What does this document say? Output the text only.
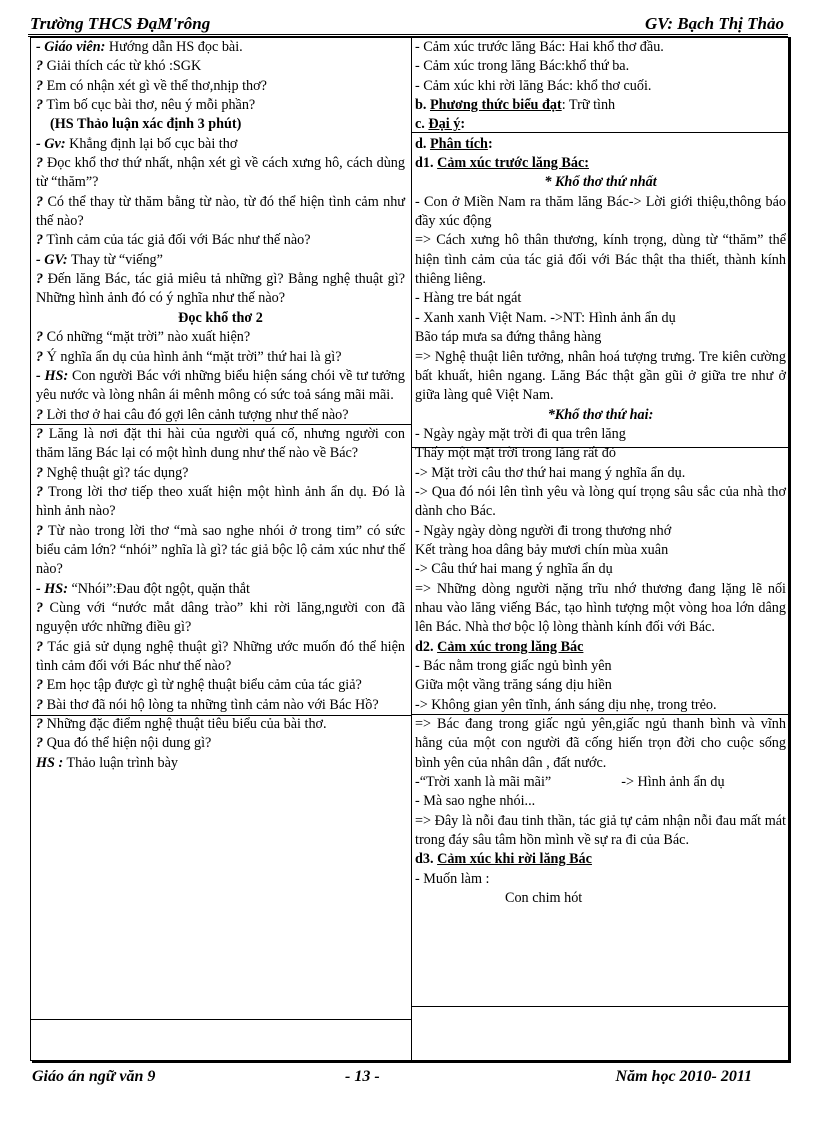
Trường THCS ĐạM'rông	GV: Bạch Thị Thảo

- Giáo viên: Hướng dẫn HS đọc bài.

? Giải thích các từ khó :SGK

? Em có nhận xét gì về thể thơ,nhịp thơ?

? Tìm bố cục bài thơ, nêu ý mỗi phần?

(HS Thảo luận xác định 3 phút)

- Gv: Khẳng định lại bố cục bài thơ

? Đọc khổ thơ thứ nhất, nhận xét gì về cách xưng hô, cách dùng từ “thăm”?

? Có thể thay từ thăm bằng từ nào, từ đó thể hiện tình cảm như thế nào?

? Tình cảm của tác giả đối với Bác như thế nào?

- GV: Thay từ “viếng”

? Đến lăng Bác, tác giả miêu tả những gì? Bằng nghệ thuật gì? Những hình ảnh đó có ý nghĩa như thế nào?

Đọc khổ thơ 2

? Có những “mặt trời” nào xuất hiện?

? Ý nghĩa ẩn dụ của hình ảnh “mặt trời” thứ hai là gì?

- HS: Con người Bác với những biểu hiện sáng chói về tư tưởng yêu nước và lòng nhân ái mênh mông có sức toả sáng mãi mãi.

? Lời thơ ở hai câu đó gợi lên cảnh tượng như thế nào?

? Lăng là nơi đặt thi hài của người quá cố, nhưng người con thăm lăng Bác lại có một hình dung như thế nào về Bác?

? Nghệ thuật gì? tác dụng?

? Trong lời thơ tiếp theo xuất hiện một hình ảnh ẩn dụ. Đó là hình ảnh nào?

? Từ nào trong lời thơ “mà sao nghe nhói ở trong tim” có sức biểu cảm lớn? “nhói” nghĩa là gì? tác giả bộc lộ cảm xúc như thế nào?

- HS: “Nhói”:Đau đột ngột, quặn thắt

? Cùng với “nước mắt dâng trào” khi rời lăng,người con đã nguyện ước những điều gì?

? Tác giả sử dụng nghệ thuật gì? Những ước muốn đó thể hiện tình cảm đối với Bác như thế nào?

? Em học tập được gì từ nghệ thuật biểu cảm của tác giả?

? Bài thơ đã nói hộ lòng ta những tình cảm nào với Bác Hồ?

? Những đặc điểm nghệ thuật tiêu biểu của bài thơ.

? Qua đó thể hiện nội dung gì?

HS : Thảo luận trình bày

- Cảm xúc trước lăng Bác: Hai khổ thơ đầu.

- Cảm xúc trong lăng Bác:khổ thứ ba.

- Cảm xúc khi rời lăng Bác: khổ thơ cuối.

b. Phương thức biểu đạt: Trữ tình

c. Đại ý:

d. Phân tích:

d1. Cảm xúc trước lăng Bác:

* Khổ thơ thứ nhất

- Con ở Miền Nam ra thăm lăng Bác-> Lời giới thiệu,thông báo đầy xúc động

=> Cách xưng hô thân thương, kính trọng, dùng từ “thăm” thể hiện tình cảm của tác giả đối với Bác thật tha thiết, thành kính thiêng liêng.

- Hàng tre bát ngát

- Xanh xanh Việt Nam. ->NT: Hình ảnh ẩn dụ

Bão táp mưa sa đứng thẳng hàng

=> Nghệ thuật liên tưởng, nhân hoá tượng trưng. Tre kiên cường bất khuất, hiên ngang. Lăng Bác thật gần gũi ở giữa tre như ở giữa làng quê Việt Nam.

*Khổ thơ thứ hai:

- Ngày ngày mặt trời đi qua trên lăng

Thấy một mặt trời trong lăng rất đỏ

-> Mặt trời câu thơ thứ hai mang ý nghĩa ẩn dụ.

-> Qua đó nói lên tình yêu và lòng quí trọng sâu sắc của nhà thơ dành cho Bác.

- Ngày ngày dòng người đi trong thương nhớ

Kết tràng hoa dâng bảy mươi chín mùa xuân

-> Câu thứ hai mang ý nghĩa ẩn dụ

=> Những dòng người nặng trĩu nhớ thương đang lặng lẽ nối nhau vào lăng viếng Bác, tạo hình tượng một vòng hoa lớn dâng lên Bác. Nhà thơ bộc lộ lòng thành kính đối với Bác.

d2. Cảm xúc trong lăng Bác

- Bác nằm trong giấc ngủ bình yên

Giữa một vầng trăng sáng dịu hiền

-> Không gian yên tĩnh, ánh sáng dịu nhẹ, trong trẻo.

=> Bác đang trong giấc ngủ yên,giấc ngủ thanh bình và vĩnh hằng của một con người đã cống hiến trọn đời cho cuộc sống bình yên của nhân dân , đất nước.

-“Trời xanh là mãi mãi”	-> Hình ảnh ẩn dụ

- Mà sao nghe nhói...

=> Đây là nỗi đau tinh thần, tác giả tự cảm nhận nỗi đau mất mát trong đáy sâu tâm hồn mình về sự ra đi của Bác.

d3. Cảm xúc khi rời lăng Bác

- Muốn làm :

Con chim hót

Giáo án ngữ văn 9	- 13 -	Năm học 2010- 2011
